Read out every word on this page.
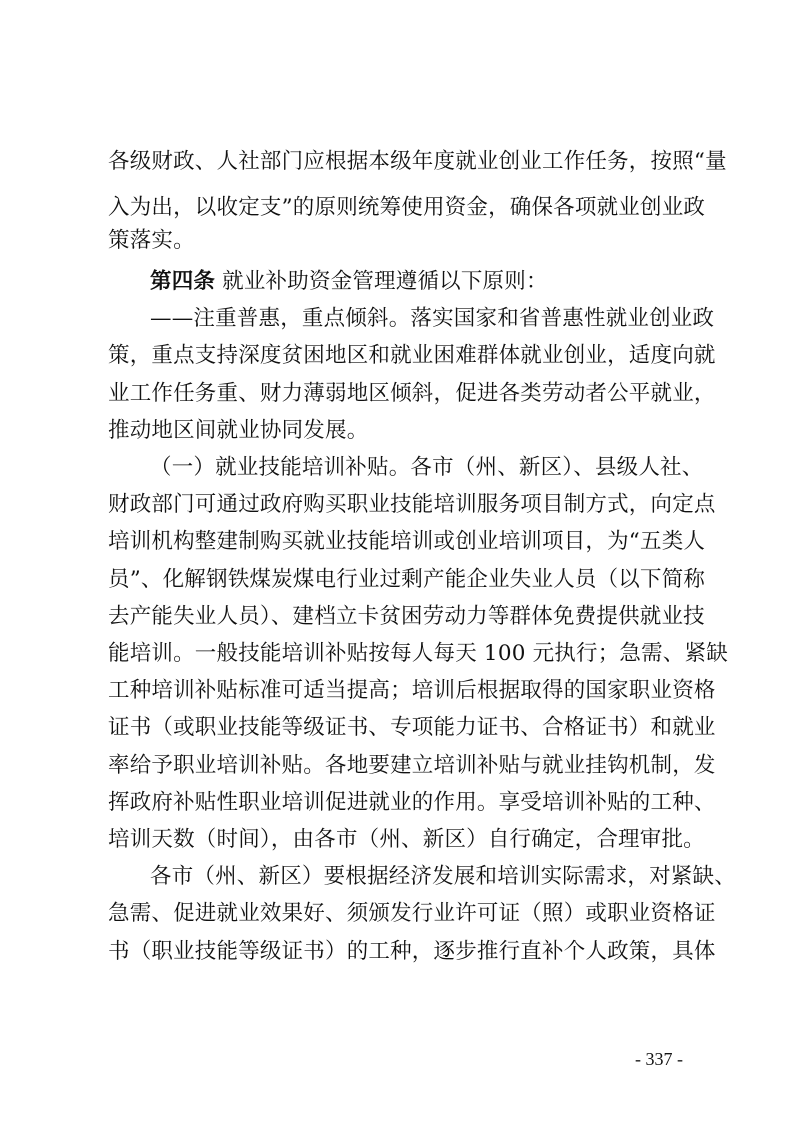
各级财政、人社部门应根据本级年度就业创业工作任务，按照“量
入为出，以收定支”的原则统筹使用资金，确保各项就业创业政
策落实。
第四条 就业补助资金管理遵循以下原则：
——注重普惠，重点倾斜。落实国家和省普惠性就业创业政
策，重点支持深度贫困地区和就业困难群体就业创业，适度向就
业工作任务重、财力薄弱地区倾斜，促进各类劳动者公平就业，
推动地区间就业协同发展。
（一）就业技能培训补贴。各市（州、新区）、县级人社、
财政部门可通过政府购买职业技能培训服务项目制方式，向定点
培训机构整建制购买就业技能培训或创业培训项目，为“五类人
员”、化解钢铁煤炭煤电行业过剩产能企业失业人员（以下简称
去产能失业人员）、建档立卡贫困劳动力等群体免费提供就业技
能培训。一般技能培训补贴按每人每天 100 元执行；急需、紧缺
工种培训补贴标准可适当提高；培训后根据取得的国家职业资格
证书（或职业技能等级证书、专项能力证书、合格证书）和就业
率给予职业培训补贴。各地要建立培训补贴与就业挂钩机制，发
挥政府补贴性职业培训促进就业的作用。享受培训补贴的工种、
培训天数（时间），由各市（州、新区）自行确定，合理审批。
各市（州、新区）要根据经济发展和培训实际需求，对紧缺、
急需、促进就业效果好、须颁发行业许可证（照）或职业资格证
书（职业技能等级证书）的工种，逐步推行直补个人政策，具体
- 337 -
